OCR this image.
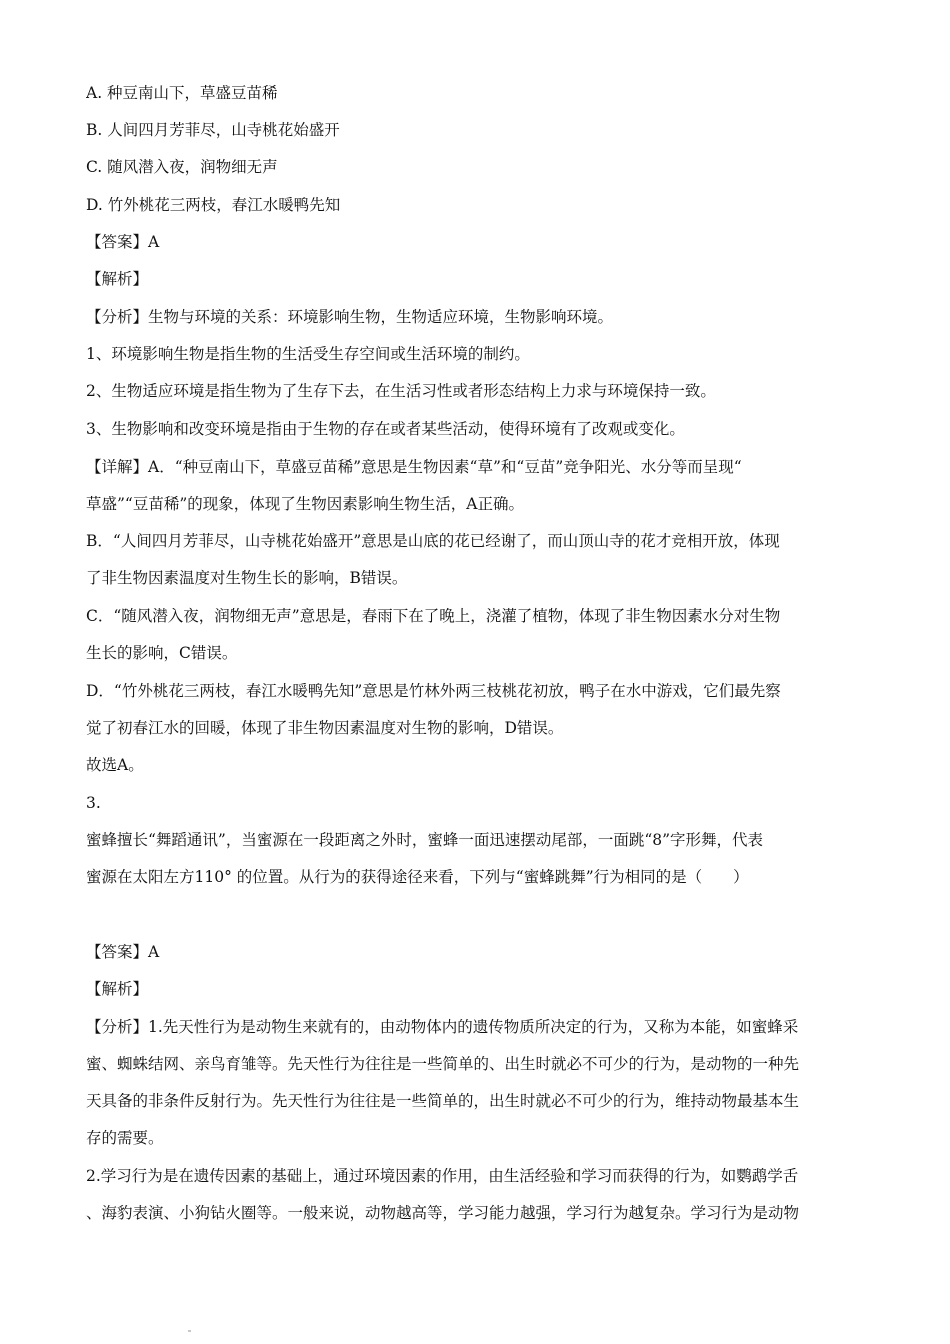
A. 种豆南山下，草盛豆苗稀
B. 人间四月芳菲尽，山寺桃花始盛开
C. 随风潜入夜，润物细无声
D. 竹外桃花三两枝，春江水暖鸭先知
【答案】A
【解析】
【分析】生物与环境的关系：环境影响生物，生物适应环境，生物影响环境。
1、环境影响生物是指生物的生活受生存空间或生活环境的制约。
2、生物适应环境是指生物为了生存下去，在生活习性或者形态结构上力求与环境保持一致。
3、生物影响和改变环境是指由于生物的存在或者某些活动，使得环境有了改观或变化。
【详解】A．“种豆南山下，草盛豆苗稀”意思是生物因素“草”和“豆苗”竞争阳光、水分等而呈现“
草盛”“豆苗稀”的现象，体现了生物因素影响生物生活，A正确。
B．“人间四月芳菲尽，山寺桃花始盛开”意思是山底的花已经谢了，而山顶山寺的花才竞相开放，体现
了非生物因素温度对生物生长的影响，B错误。
C．“随风潜入夜，润物细无声”意思是，春雨下在了晚上，浇灌了植物，体现了非生物因素水分对生物
生长的影响，C错误。
D．“竹外桃花三两枝，春江水暖鸭先知”意思是竹林外两三枝桃花初放，鸭子在水中游戏，它们最先察
觉了初春江水的回暖，体现了非生物因素温度对生物的影响，D错误。
故选A。
3.
蜜蜂擅长“舞蹈通讯”，当蜜源在一段距离之外时，蜜蜂一面迅速摆动尾部，一面跳“8”字形舞，代表
蜜源在太阳左方110° 的位置。从行为的获得途径来看，下列与“蜜蜂跳舞”行为相同的是（　　）
【答案】A
【解析】
【分析】1.先天性行为是动物生来就有的，由动物体内的遗传物质所决定的行为，又称为本能，如蜜蜂采
蜜、蜘蛛结网、亲鸟育雏等。先天性行为往往是一些简单的、出生时就必不可少的行为，是动物的一种先
天具备的非条件反射行为。先天性行为往往是一些简单的，出生时就必不可少的行为，维持动物最基本生
存的需要。
2.学习行为是在遗传因素的基础上，通过环境因素的作用，由生活经验和学习而获得的行为，如鹦鹉学舌
、海豹表演、小狗钻火圈等。一般来说，动物越高等，学习能力越强，学习行为越复杂。学习行为是动物
